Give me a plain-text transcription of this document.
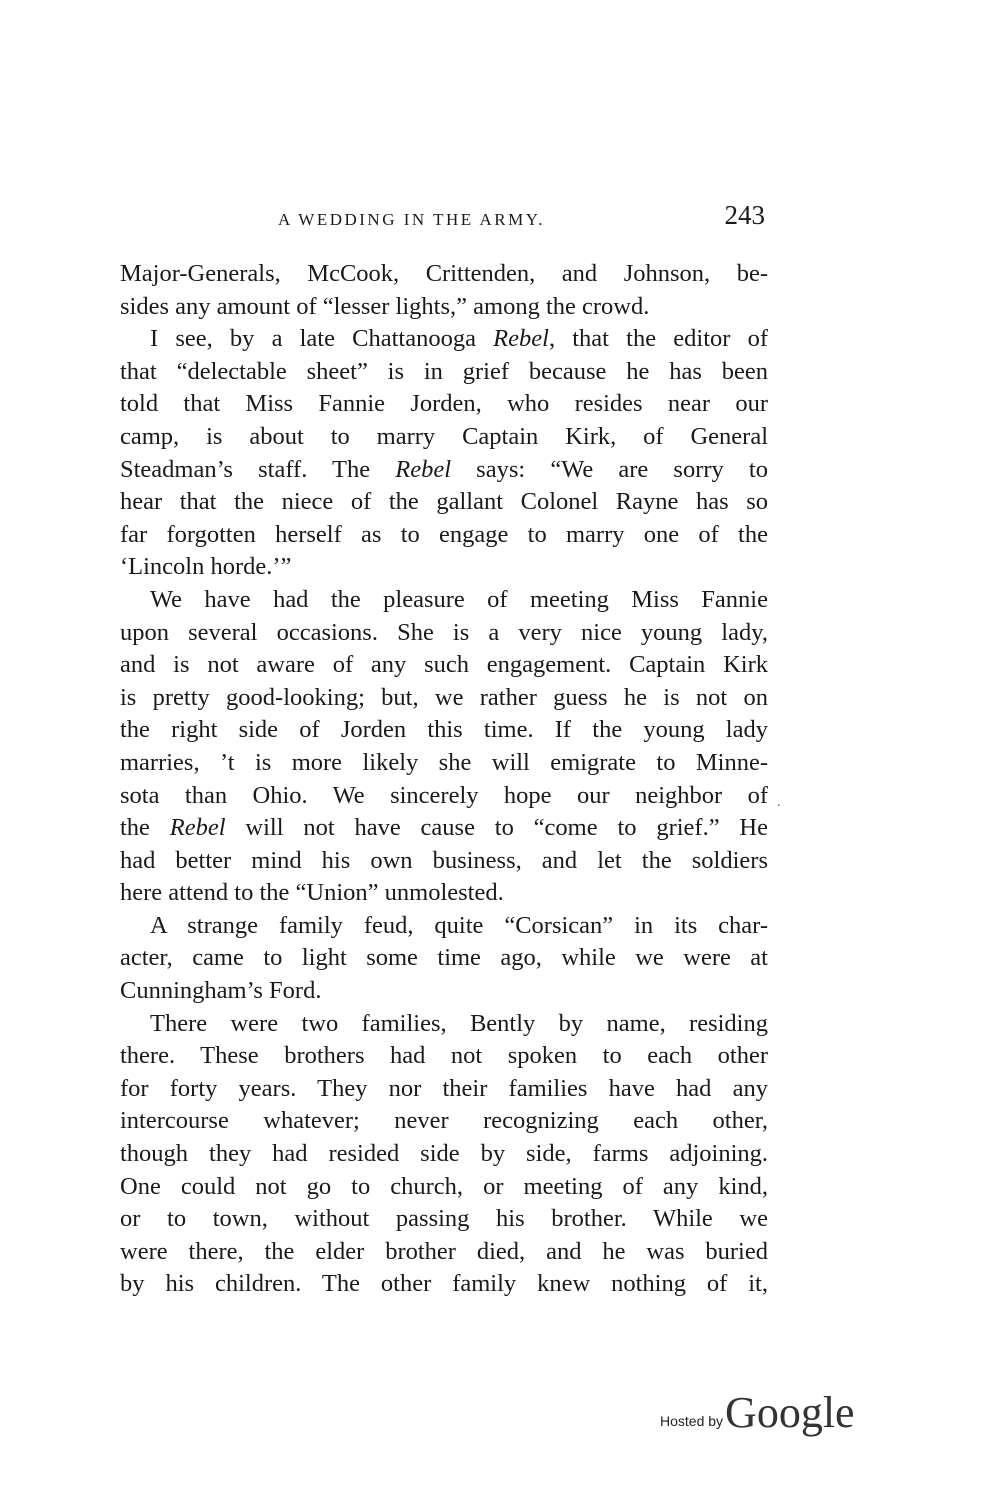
A WEDDING IN THE ARMY.	243
Major-Generals, McCook, Crittenden, and Johnson, be-
sides any amount of “lesser lights,” among the crowd.
I see, by a late Chattanooga Rebel, that the editor of
that “delectable sheet” is in grief because he has been
told that Miss Fannie Jorden, who resides near our
camp, is about to marry Captain Kirk, of General
Steadman’s staff. The Rebel says: “We are sorry to
hear that the niece of the gallant Colonel Rayne has so
far forgotten herself as to engage to marry one of the
‘Lincoln horde.’”
We have had the pleasure of meeting Miss Fannie
upon several occasions. She is a very nice young lady,
and is not aware of any such engagement. Captain Kirk
is pretty good-looking; but, we rather guess he is not on
the right side of Jorden this time. If the young lady
marries, ’t is more likely she will emigrate to Minne-
sota than Ohio. We sincerely hope our neighbor of
the Rebel will not have cause to “come to grief.” He
had better mind his own business, and let the soldiers
here attend to the “Union” unmolested.
A strange family feud, quite “Corsican” in its char-
acter, came to light some time ago, while we were at
Cunningham’s Ford.
There were two families, Bently by name, residing
there. These brothers had not spoken to each other
for forty years. They nor their families have had any
intercourse whatever; never recognizing each other,
though they had resided side by side, farms adjoining.
One could not go to church, or meeting of any kind,
or to town, without passing his brother. While we
were there, the elder brother died, and he was buried
by his children. The other family knew nothing of it,
.
Hosted by Google
